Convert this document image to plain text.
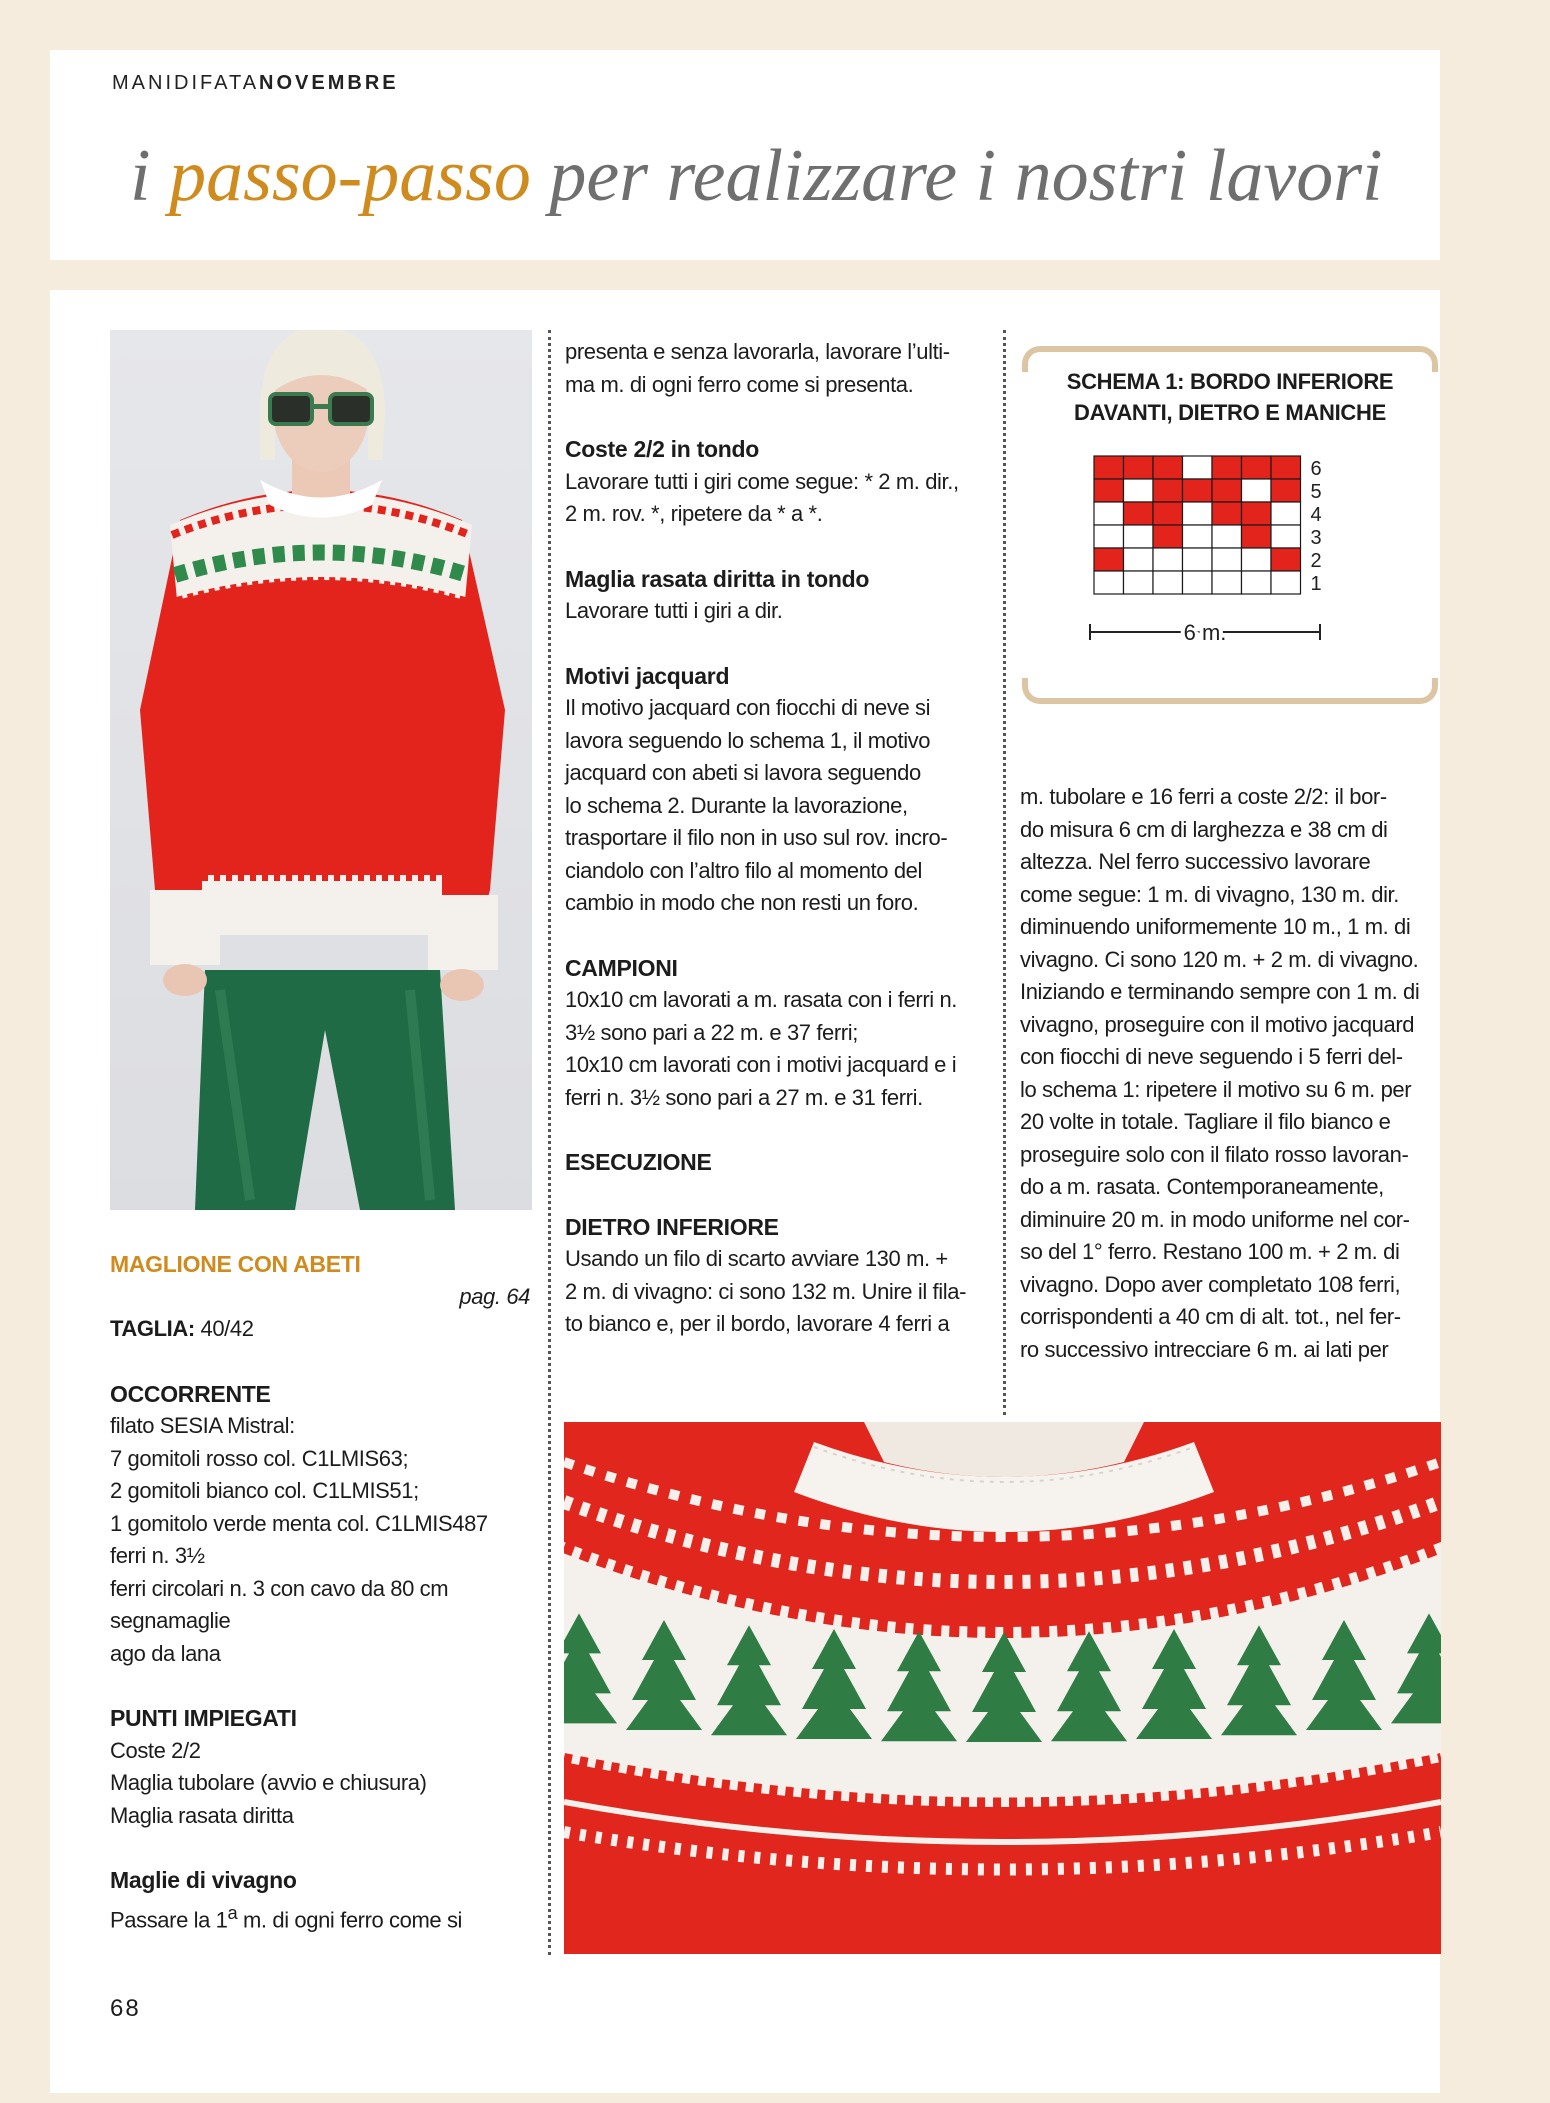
MANIDIFATANOVEMBRE
i passo-passo per realizzare i nostri lavori
MAGLIONE CON ABETI

pag. 64

TAGLIA: 40/42

OCCORRENTE

filato SESIA Mistral:

7 gomitoli rosso col. C1LMIS63;

2 gomitoli bianco col. C1LMIS51;

1 gomitolo verde menta col. C1LMIS487

ferri n. 3½

ferri circolari n. 3 con cavo da 80 cm

segnamaglie

ago da lana

PUNTI IMPIEGATI

Coste 2/2

Maglia tubolare (avvio e chiusura)

Maglia rasata diritta

Maglie di vivagno

Passare la 1$^a$ m. di ogni ferro come si

presenta e senza lavorarla, lavorare l’ulti-

ma m. di ogni ferro come si presenta.

Coste 2/2 in tondo

Lavorare tutti i giri come segue: * 2 m. dir.,

2 m. rov. *, ripetere da * a *.

Maglia rasata diritta in tondo

Lavorare tutti i giri a dir.

Motivi jacquard

Il motivo jacquard con fiocchi di neve si

lavora seguendo lo schema 1, il motivo

jacquard con abeti si lavora seguendo

lo schema 2. Durante la lavorazione,

trasportare il filo non in uso sul rov. incro-

ciandolo con l’altro filo al momento del

cambio in modo che non resti un foro.

CAMPIONI

10x10 cm lavorati a m. rasata con i ferri n.

3½ sono pari a 22 m. e 37 ferri;

10x10 cm lavorati con i motivi jacquard e i

ferri n. 3½ sono pari a 27 m. e 31 ferri.

ESECUZIONE
DIETRO INFERIORE

Usando un filo di scarto avviare 130 m. +

2 m. di vivagno: ci sono 132 m. Unire il fila-

to bianco e, per il bordo, lavorare 4 ferri a

SCHEMA 1: BORDO INFERIORE
DAVANTI, DIETRO E MANICHE
6 m.
6
5
4
3
2
1

m. tubolare e 16 ferri a coste 2/2: il bor-

do misura 6 cm di larghezza e 38 cm di

altezza. Nel ferro successivo lavorare

come segue: 1 m. di vivagno, 130 m. dir.

diminuendo uniformemente 10 m., 1 m. di

vivagno. Ci sono 120 m. + 2 m. di vivagno.

Iniziando e terminando sempre con 1 m. di

vivagno, proseguire con il motivo jacquard

con fiocchi di neve seguendo i 5 ferri del-

lo schema 1: ripetere il motivo su 6 m. per

20 volte in totale. Tagliare il filo bianco e

proseguire solo con il filato rosso lavoran-

do a m. rasata. Contemporaneamente,

diminuire 20 m. in modo uniforme nel cor-

so del 1° ferro. Restano 100 m. + 2 m. di

vivagno. Dopo aver completato 108 ferri,

corrispondenti a 40 cm di alt. tot., nel fer-

ro successivo intrecciare 6 m. ai lati per

68
